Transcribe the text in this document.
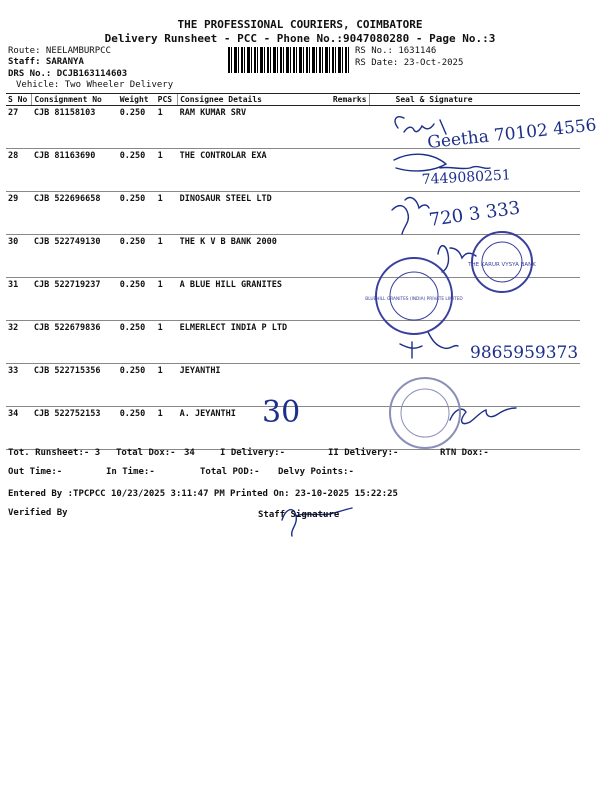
THE PROFESSIONAL COURIERS, COIMBATORE
Delivery Runsheet - PCC - Phone No.:9047080280 - Page No.:3
Route: NEELAMBURPCC
Staff: SARANYA
DRS No.: DCJB163114603
Vehicle: Two Wheeler Delivery
RS No.: 1631146
RS Date: 23-Oct-2025
S No	Consignment No	Weight	PCS	Consignee Details	Remarks	Seal & Signature
27	CJB 81158103	0.250	1	RAM KUMAR SRV		
28	CJB 81163690	0.250	1	THE CONTROLAR EXA		
29	CJB 522696658	0.250	1	DINOSAUR STEEL LTD		
30	CJB 522749130	0.250	1	THE K V B BANK 2000		
31	CJB 522719237	0.250	1	A BLUE HILL GRANITES		
32	CJB 522679836	0.250	1	ELMERLECT INDIA P LTD		
33	CJB 522715356	0.250	1	JEYANTHI		
34	CJB 522752153	0.250	1	A. JEYANTHI		
Geetha 70102 4556
7449080251
720 3 333
9865959373
30
THE KARUR VYSYA BANK
BLUEHILL GRANITES (INDIA) PRIVATE LIMITED
Tot. Runsheet:- 3 Total Dox:- 34	I Delivery:-	II Delivery:-	RTN Dox:-
Out Time:-	In Time:-	Total POD:- Delvy Points:-
Entered By :TPCPCC 10/23/2025 3:11:47 PM Printed On: 23-10-2025 15:22:25
Verified By	Staff Signature
